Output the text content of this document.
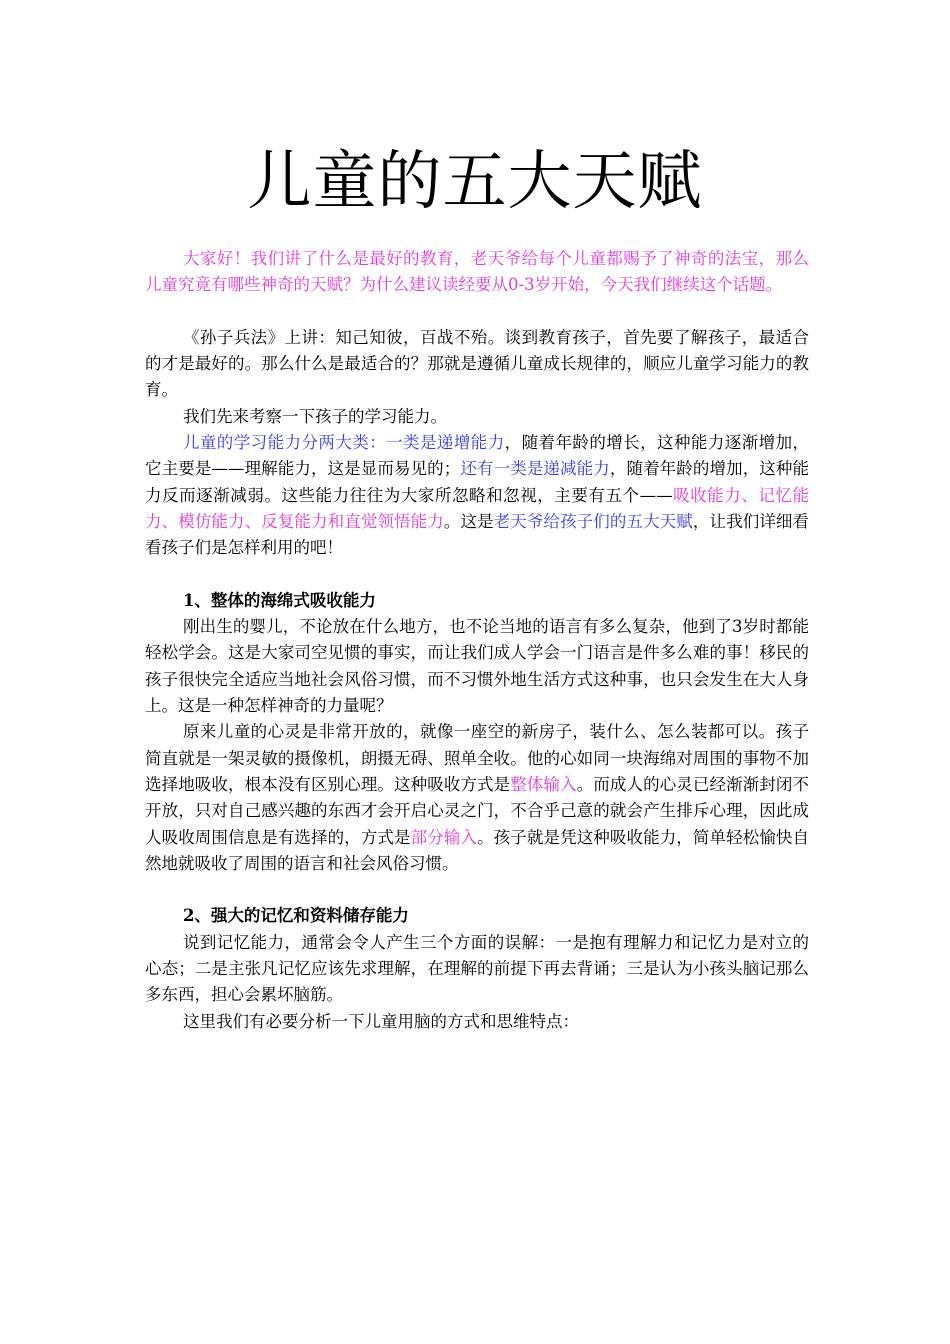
儿童的五大天赋

大家好！我们讲了什么是最好的教育，老天爷给每个儿童都赐予了神奇的法宝，那么儿童究竟有哪些神奇的天赋？为什么建议读经要从0-3岁开始，今天我们继续这个话题。

《孙子兵法》上讲：知己知彼，百战不殆。谈到教育孩子，首先要了解孩子，最适合的才是最好的。那么什么是最适合的？那就是遵循儿童成长规律的，顺应儿童学习能力的教育。

我们先来考察一下孩子的学习能力。

儿童的学习能力分两大类：一类是递增能力，随着年龄的增长，这种能力逐渐增加，它主要是——理解能力，这是显而易见的；还有一类是递减能力，随着年龄的增加，这种能力反而逐渐减弱。这些能力往往为大家所忽略和忽视，主要有五个——吸收能力、记忆能力、模仿能力、反复能力和直觉领悟能力。这是老天爷给孩子们的五大天赋，让我们详细看看孩子们是怎样利用的吧！

1、整体的海绵式吸收能力

刚出生的婴儿，不论放在什么地方，也不论当地的语言有多么复杂，他到了3岁时都能轻松学会。这是大家司空见惯的事实，而让我们成人学会一门语言是件多么难的事！移民的孩子很快完全适应当地社会风俗习惯，而不习惯外地生活方式这种事，也只会发生在大人身上。这是一种怎样神奇的力量呢？

原来儿童的心灵是非常开放的，就像一座空的新房子，装什么、怎么装都可以。孩子简直就是一架灵敏的摄像机，朗摄无碍、照单全收。他的心如同一块海绵对周围的事物不加选择地吸收，根本没有区别心理。这种吸收方式是整体输入。而成人的心灵已经渐渐封闭不开放，只对自己感兴趣的东西才会开启心灵之门，不合乎己意的就会产生排斥心理，因此成人吸收周围信息是有选择的，方式是部分输入。孩子就是凭这种吸收能力，简单轻松愉快自然地就吸收了周围的语言和社会风俗习惯。

2、强大的记忆和资料储存能力

说到记忆能力，通常会令人产生三个方面的误解：一是抱有理解力和记忆力是对立的心态；二是主张凡记忆应该先求理解，在理解的前提下再去背诵；三是认为小孩头脑记那么多东西，担心会累坏脑筋。

这里我们有必要分析一下儿童用脑的方式和思维特点：
